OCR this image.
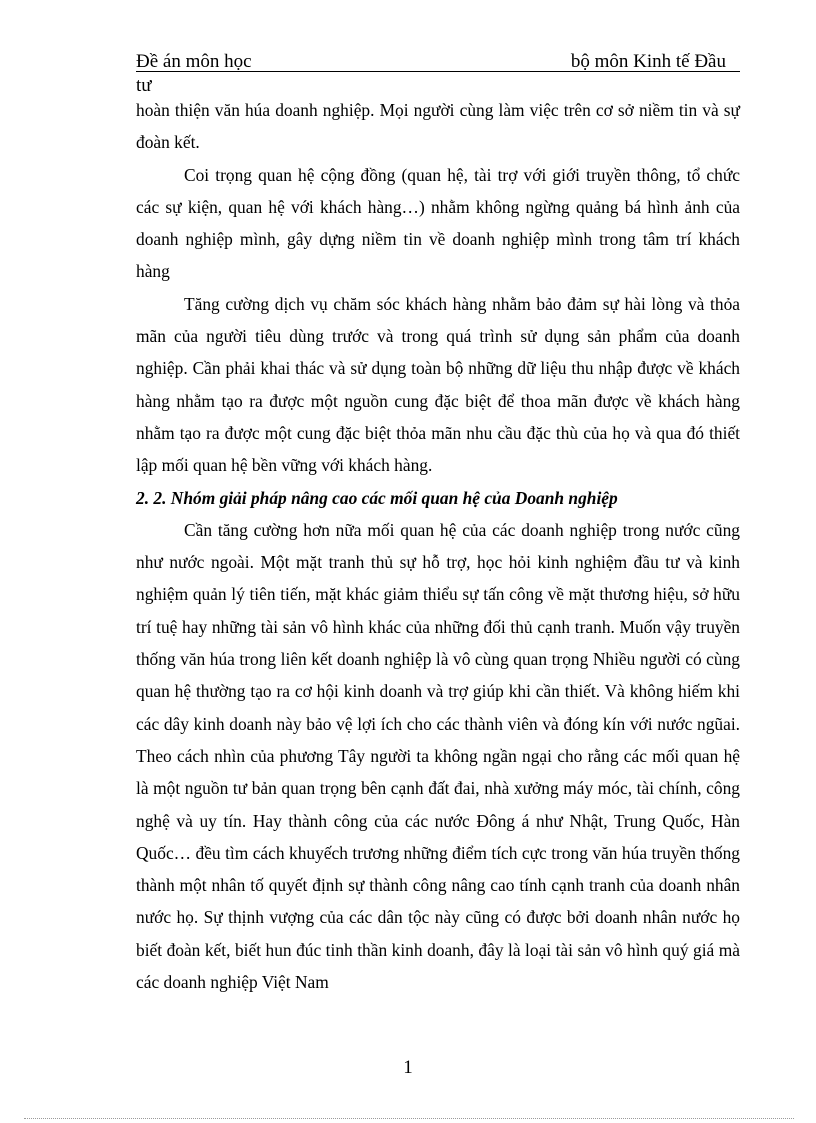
Đề án môn học	bộ môn Kinh tế Đầu
tư

hoàn thiện văn húa doanh nghiệp. Mọi người cùng làm việc trên cơ sở niềm tin và sự đoàn kết.

Coi trọng quan hệ cộng đồng (quan hệ, tài trợ với giới truyền thông, tổ chức các sự kiện, quan hệ với khách hàng…) nhằm không ngừng quảng bá hình ảnh của doanh nghiệp mình, gây dựng niềm tin về doanh nghiệp mình trong tâm trí khách hàng

Tăng cường dịch vụ chăm sóc khách hàng nhằm bảo đảm sự hài lòng và thỏa mãn của người tiêu dùng trước và trong quá trình sử dụng sản phẩm của doanh nghiệp. Cần phải khai thác và sử dụng toàn bộ những dữ liệu thu nhập được về khách hàng nhằm tạo ra được một nguồn cung đặc biệt để thoa mãn được về khách hàng nhằm tạo ra được một cung đặc biệt thỏa mãn nhu cầu đặc thù của họ và qua đó thiết lập mối quan hệ bền vững với khách hàng.

2. 2. Nhóm giải pháp nâng cao các mối quan hệ của Doanh nghiệp

Cần tăng cường hơn nữa mối quan hệ của các doanh nghiệp trong nước cũng như nước ngoài. Một mặt tranh thủ sự hỗ trợ, học hỏi kinh nghiệm đầu tư và kinh nghiệm quản lý tiên tiến, mặt khác giảm thiểu sự tấn công về mặt thương hiệu, sở hữu trí tuệ hay những tài sản vô hình khác của những đối thủ cạnh tranh. Muốn vậy truyền thống văn húa trong liên kết doanh nghiệp là vô cùng quan trọng Nhiều người có cùng quan hệ thường tạo ra cơ hội kinh doanh và trợ giúp khi cần thiết. Và không hiếm khi các dây kinh doanh này bảo vệ lợi ích cho các thành viên và đóng kín với nước ngũai. Theo cách nhìn của phương Tây người ta không ngần ngại cho rằng các mối quan hệ là một nguồn tư bản quan trọng bên cạnh đất đai, nhà xưởng máy móc, tài chính, công nghệ và uy tín. Hay thành công của các nước Đông á như Nhật, Trung Quốc, Hàn Quốc… đều tìm cách khuyếch trương những điểm tích cực trong văn húa truyền thống thành một nhân tố quyết định sự thành công nâng cao tính cạnh tranh của doanh nhân nước họ. Sự thịnh vượng của các dân tộc này cũng có được bởi doanh nhân nước họ biết đoàn kết, biết hun đúc tinh thần kinh doanh, đây là loại tài sản vô hình quý giá mà các doanh nghiệp Việt Nam

1
